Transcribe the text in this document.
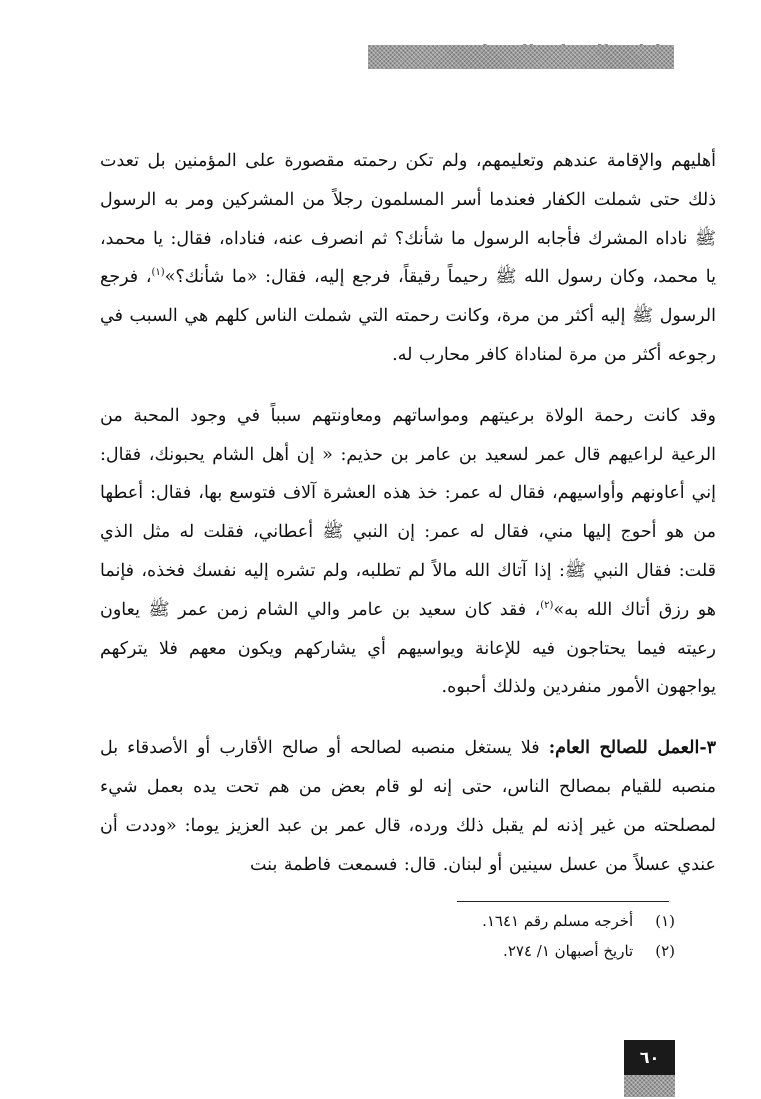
أهليهم والإقامة عندهم وتعليمهم، ولم تكن رحمته مقصورة على المؤمنين بل تعدت ذلك حتى شملت الكفار فعندما أسر المسلمون رجلاً من المشركين ومر به الرسول ﷺ ناداه المشرك فأجابه الرسول ما شأنك؟ ثم انصرف عنه، فناداه، فقال: يا محمد، يا محمد، وكان رسول الله ﷺ رحيماً رقيقاً، فرجع إليه، فقال: «ما شأنك؟»$^{(١)}$، فرجع الرسول ﷺ إليه أكثر من مرة، وكانت رحمته التي شملت الناس كلهم هي السبب في رجوعه أكثر من مرة لمناداة كافر محارب له.

وقد كانت رحمة الولاة برعيتهم ومواساتهم ومعاونتهم سبباً في وجود المحبة من الرعية لراعيهم قال عمر لسعيد بن عامر بن حذيم: « إن أهل الشام يحبونك، فقال: إني أعاونهم وأواسيهم، فقال له عمر: خذ هذه العشرة آلاف فتوسع بها، فقال: أعطها من هو أحوج إليها مني، فقال له عمر: إن النبي ﷺ أعطاني، فقلت له مثل الذي قلت: فقال النبي ﷺ: إذا آتاك الله مالاً لم تطلبه، ولم تشره إليه نفسك فخذه، فإنما هو رزق أتاك الله به»$^{(٢)}$، فقد كان سعيد بن عامر والي الشام زمن عمر ﷺ يعاون رعيته فيما يحتاجون فيه للإعانة ويواسيهم أي يشاركهم ويكون معهم فلا يتركهم يواجهون الأمور منفردين ولذلك أحبوه.

٣-العمل للصالح العام: فلا يستغل منصبه لصالحه أو صالح الأقارب أو الأصدقاء بل منصبه للقيام بمصالح الناس، حتى إنه لو قام بعض من هم تحت يده بعمل شيء لمصلحته من غير إذنه لم يقبل ذلك ورده، قال عمر بن عبد العزيز يوما: «وددت أن عندي عسلاً من عسل سينين أو لبنان. قال: فسمعت فاطمة بنت

(١)
أخرجه مسلم رقم ١٦٤١.
(٢)
تاريخ أصبهان ١/ ٢٧٤.
٦٠
